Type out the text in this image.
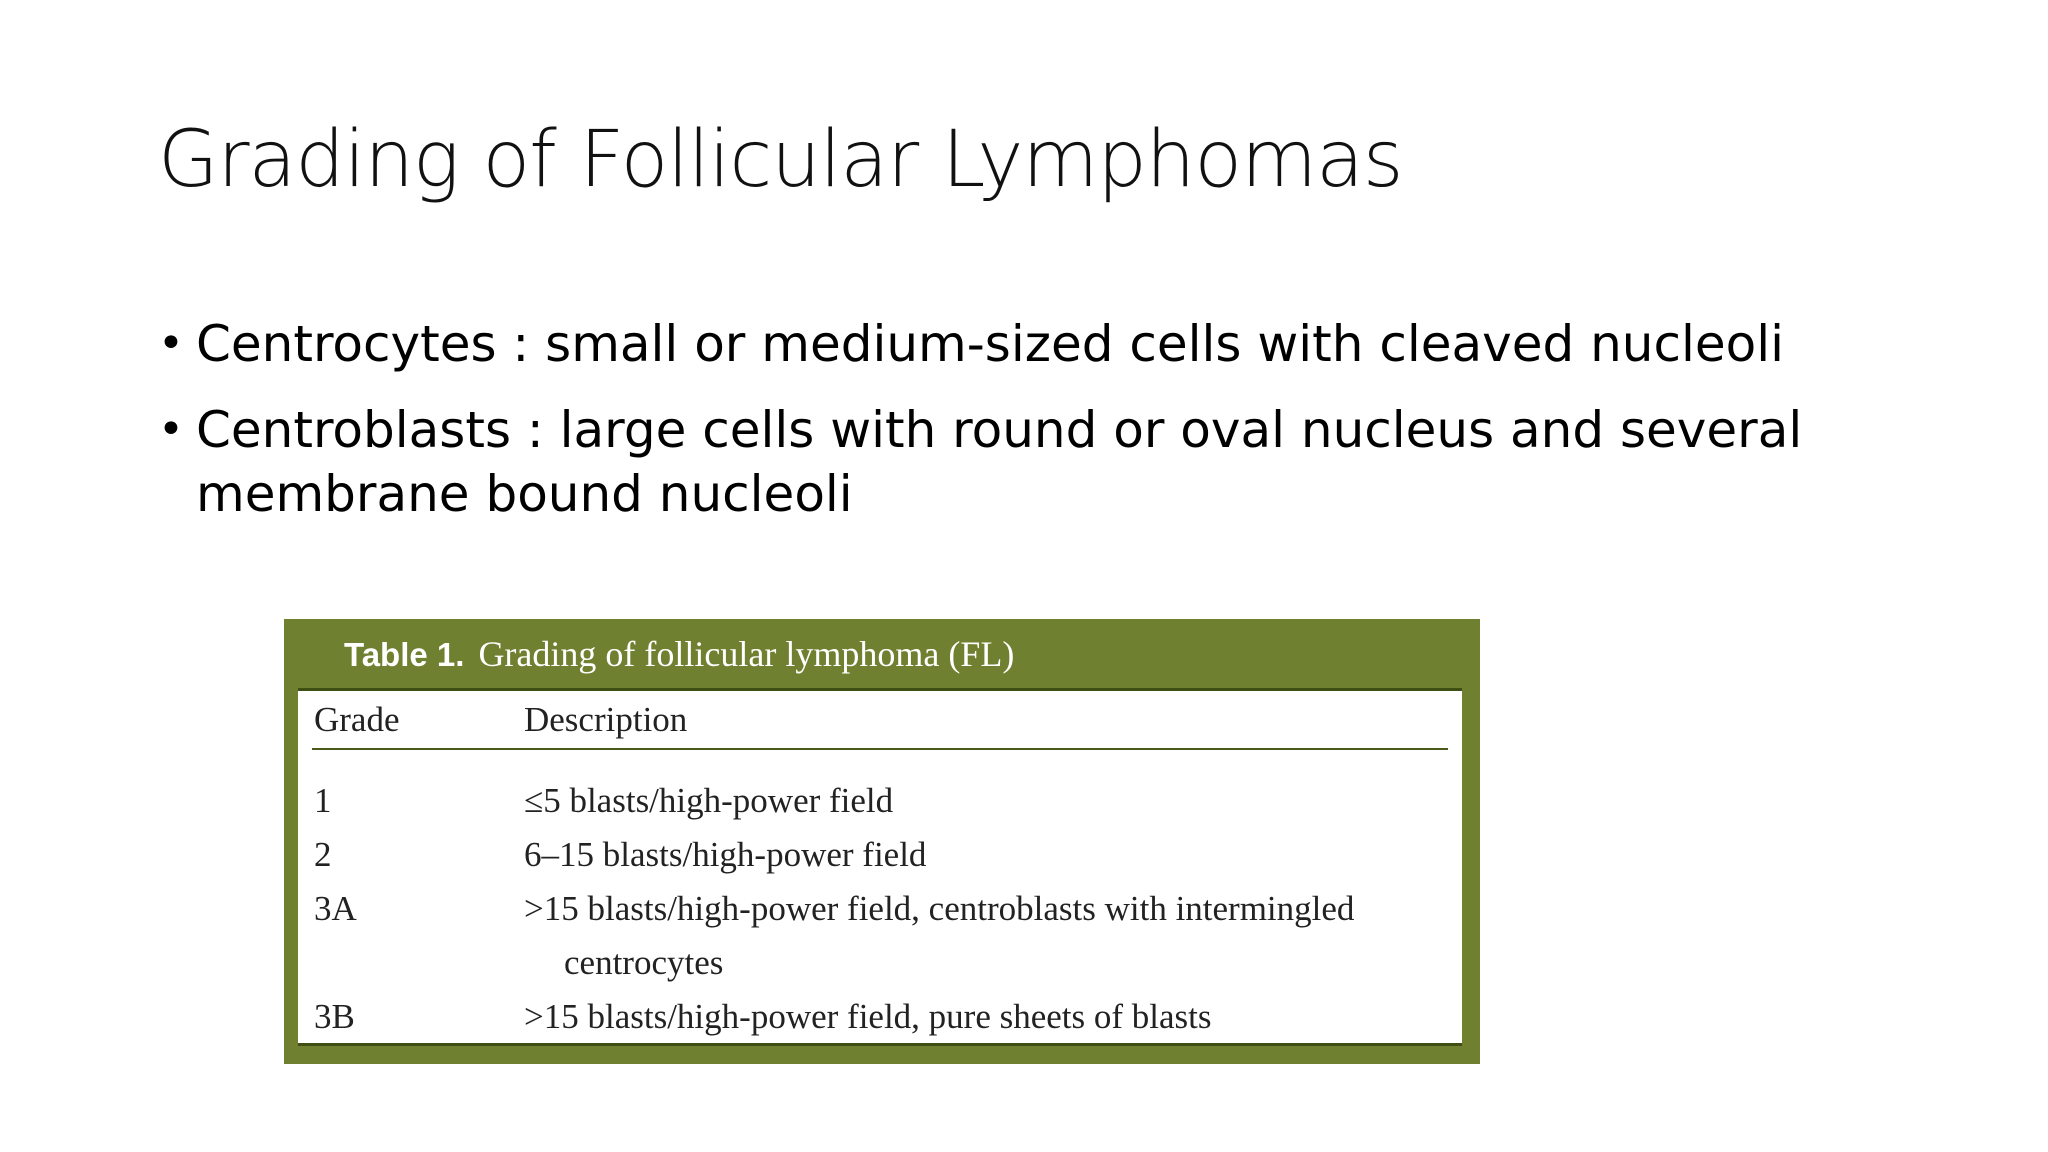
Grading of Follicular Lymphomas
• Centrocytes : small or medium-sized cells with cleaved nucleoli
• Centroblasts : large cells with round or oval nucleus and several membrane bound nucleoli
Table 1. Grading of follicular lymphoma (FL)
Grade	Description
1	≤5 blasts/high-power field
2	6–15 blasts/high-power field
3A	>15 blasts/high-power field, centroblasts with intermingled
centrocytes
3B	>15 blasts/high-power field, pure sheets of blasts
